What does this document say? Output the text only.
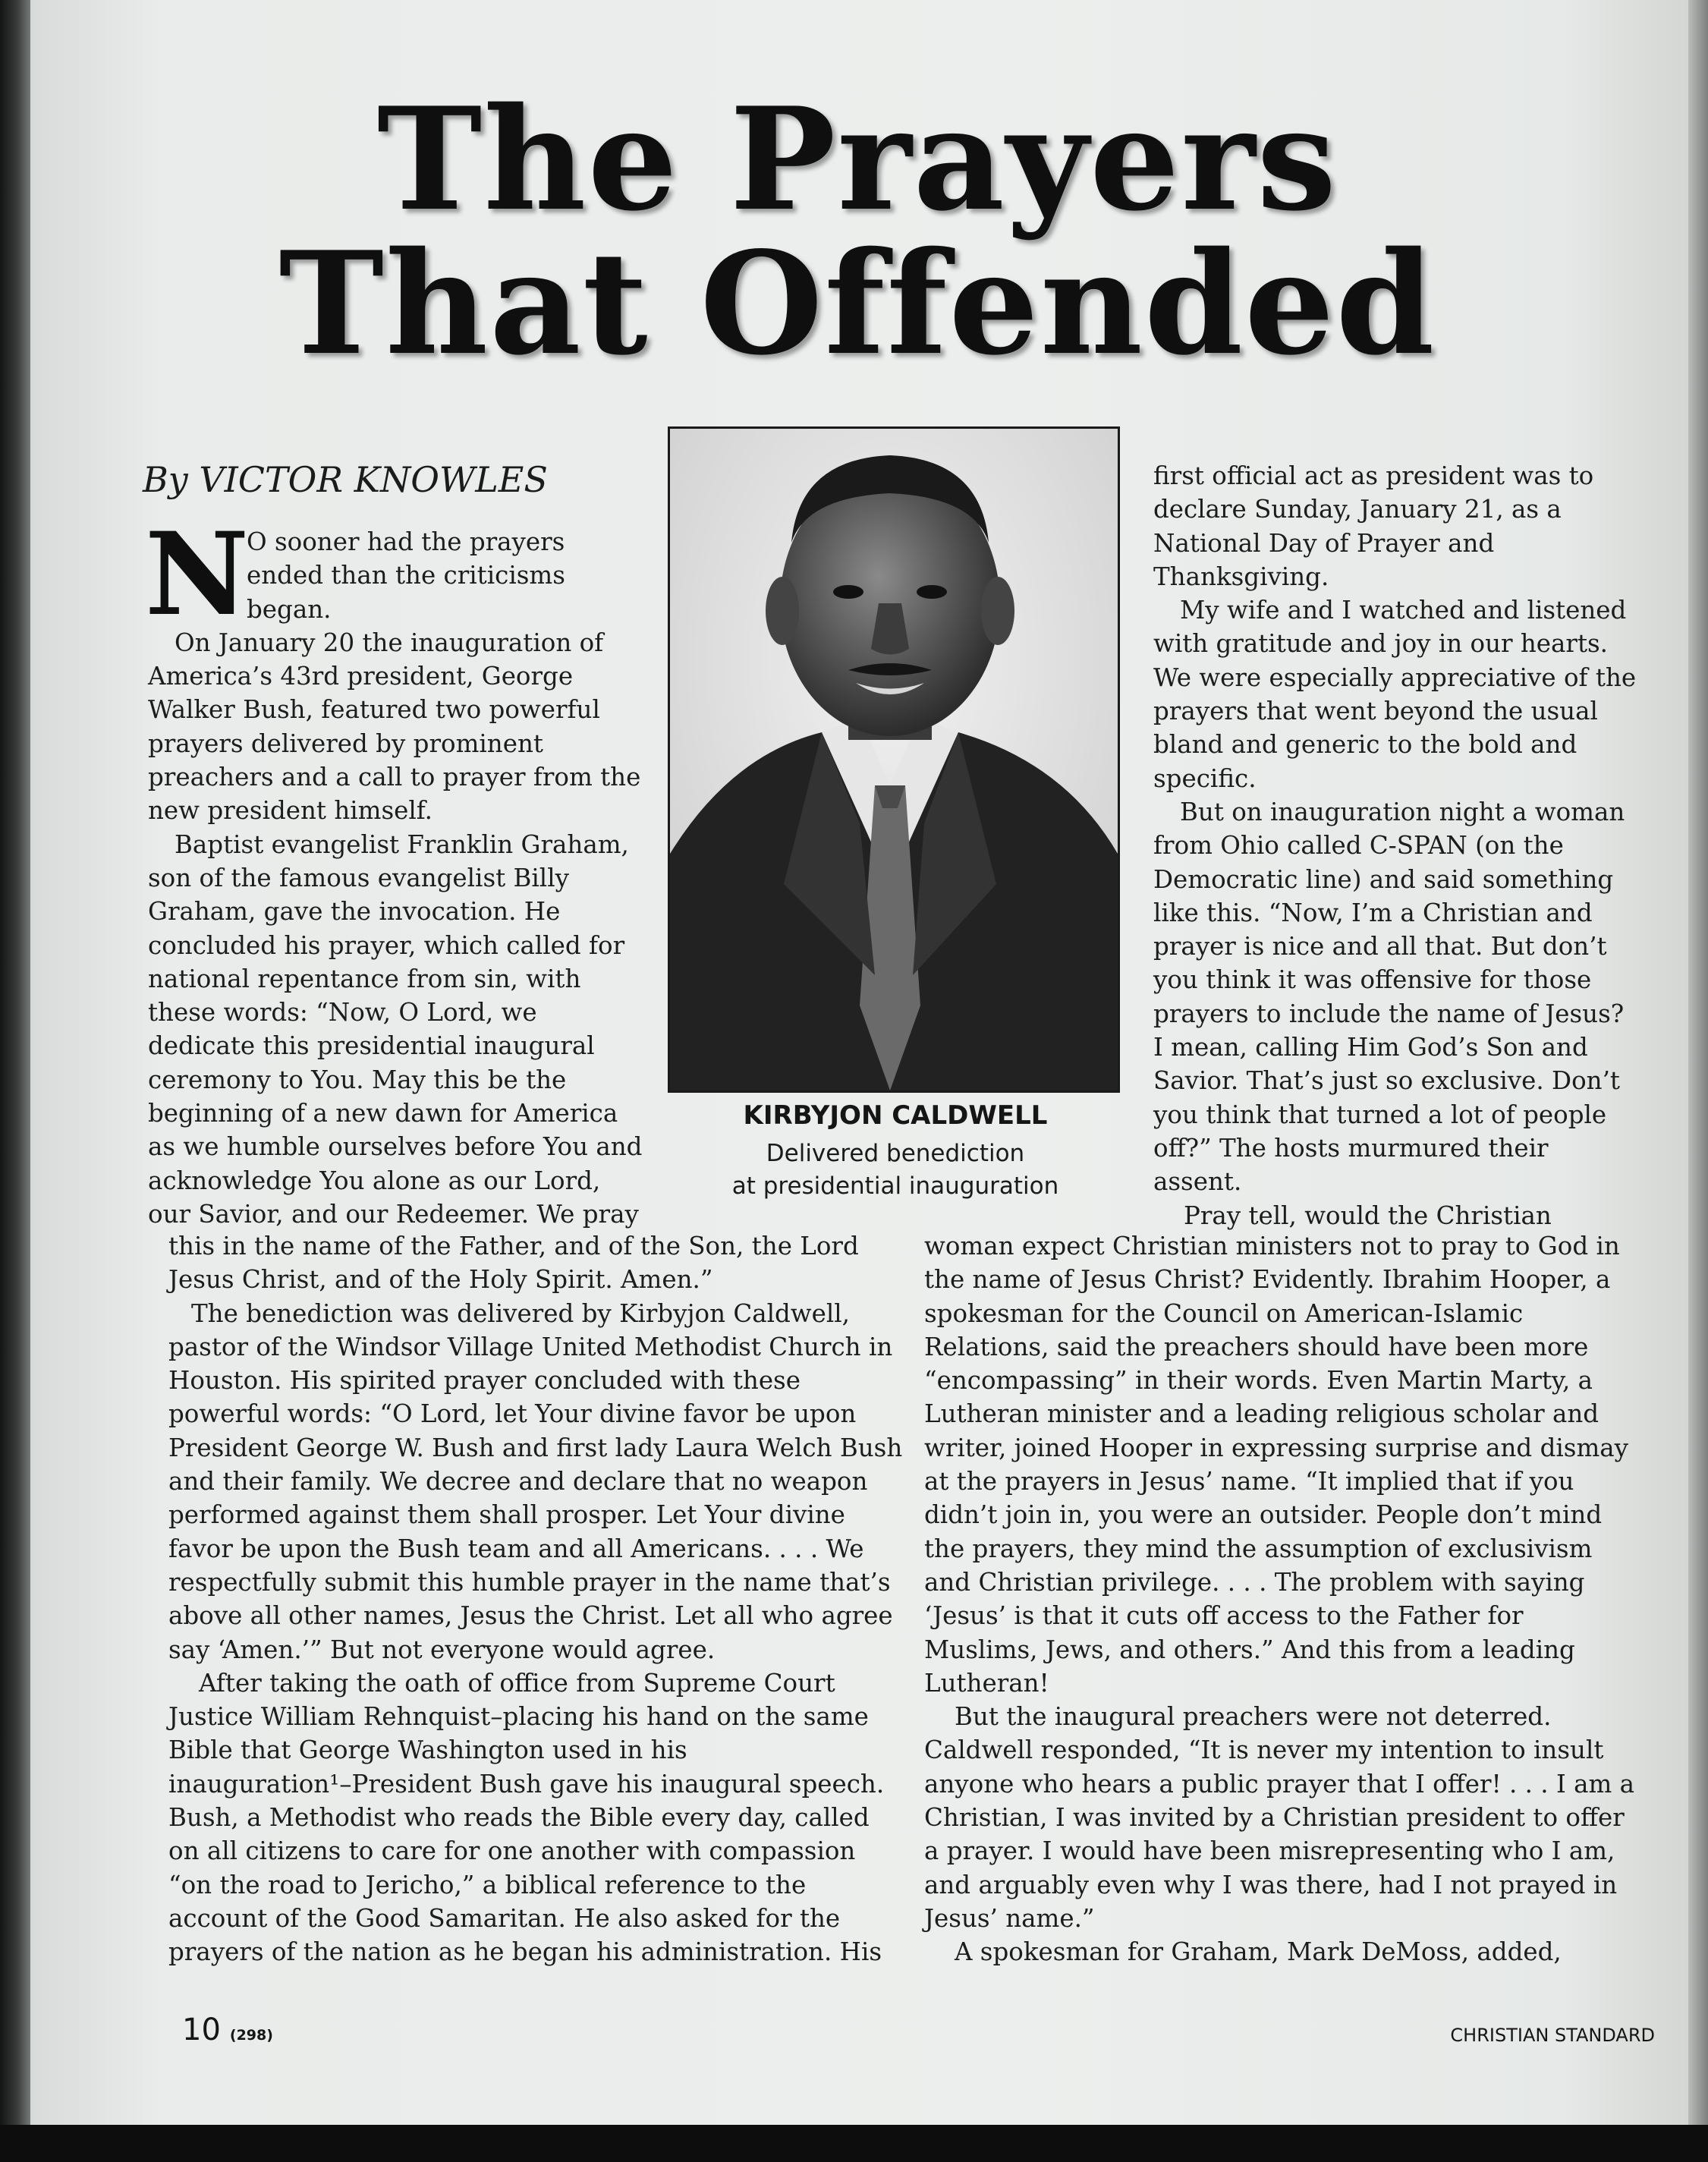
The Prayers
That Offended
By VICTOR KNOWLES
N

O sooner had the prayers

ended than the criticisms

began.

On January 20 the inauguration of

America’s 43rd president, George

Walker Bush, featured two powerful

prayers delivered by prominent

preachers and a call to prayer from the

new president himself.

Baptist evangelist Franklin Graham,

son of the famous evangelist Billy

Graham, gave the invocation. He

concluded his prayer, which called for

national repentance from sin, with

these words: “Now, O Lord, we

dedicate this presidential inaugural

ceremony to You. May this be the

beginning of a new dawn for America

as we humble ourselves before You and

acknowledge You alone as our Lord,

our Savior, and our Redeemer. We pray

KIRBYJON CALDWELL
Delivered benediction
at presidential inauguration

first official act as president was to

declare Sunday, January 21, as a

National Day of Prayer and

Thanksgiving.

My wife and I watched and listened

with gratitude and joy in our hearts.

We were especially appreciative of the

prayers that went beyond the usual

bland and generic to the bold and

specific.

But on inauguration night a woman

from Ohio called C-SPAN (on the

Democratic line) and said something

like this. “Now, I’m a Christian and

prayer is nice and all that. But don’t

you think it was offensive for those

prayers to include the name of Jesus?

I mean, calling Him God’s Son and

Savior. That’s just so exclusive. Don’t

you think that turned a lot of people

off?” The hosts murmured their

assent.

Pray tell, would the Christian

this in the name of the Father, and of the Son, the Lord

Jesus Christ, and of the Holy Spirit. Amen.”

The benediction was delivered by Kirbyjon Caldwell,

pastor of the Windsor Village United Methodist Church in

Houston. His spirited prayer concluded with these

powerful words: “O Lord, let Your divine favor be upon

President George W. Bush and first lady Laura Welch Bush

and their family. We decree and declare that no weapon

performed against them shall prosper. Let Your divine

favor be upon the Bush team and all Americans. . . . We

respectfully submit this humble prayer in the name that’s

above all other names, Jesus the Christ. Let all who agree

say ‘Amen.’” But not everyone would agree.

After taking the oath of office from Supreme Court

Justice William Rehnquist–placing his hand on the same

Bible that George Washington used in his

inauguration¹–President Bush gave his inaugural speech.

Bush, a Methodist who reads the Bible every day, called

on all citizens to care for one another with compassion

“on the road to Jericho,” a biblical reference to the

account of the Good Samaritan. He also asked for the

prayers of the nation as he began his administration. His

woman expect Christian ministers not to pray to God in

the name of Jesus Christ? Evidently. Ibrahim Hooper, a

spokesman for the Council on American-Islamic

Relations, said the preachers should have been more

“encompassing” in their words. Even Martin Marty, a

Lutheran minister and a leading religious scholar and

writer, joined Hooper in expressing surprise and dismay

at the prayers in Jesus’ name. “It implied that if you

didn’t join in, you were an outsider. People don’t mind

the prayers, they mind the assumption of exclusivism

and Christian privilege. . . . The problem with saying

‘Jesus’ is that it cuts off access to the Father for

Muslims, Jews, and others.” And this from a leading

Lutheran!

But the inaugural preachers were not deterred.

Caldwell responded, “It is never my intention to insult

anyone who hears a public prayer that I offer! . . . I am a

Christian, I was invited by a Christian president to offer

a prayer. I would have been misrepresenting who I am,

and arguably even why I was there, had I not prayed in

Jesus’ name.”

A spokesman for Graham, Mark DeMoss, added,

10 (298)	CHRISTIAN STANDARD
